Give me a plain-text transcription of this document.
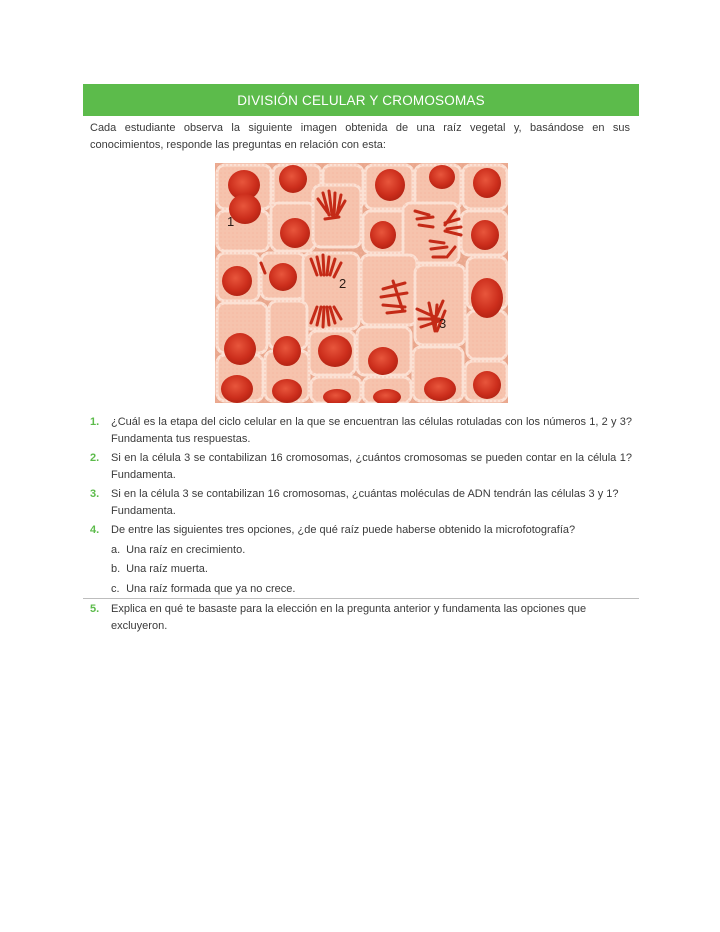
DIVISIÓN CELULAR Y CROMOSOMAS

Cada estudiante observa la siguiente imagen obtenida de una raíz vegetal y, basándose en sus conocimientos, responde las preguntas en relación con esta:

1
2
3
1.	¿Cuál es la etapa del ciclo celular en la que se encuentran las células rotuladas con los números 1, 2 y 3? Fundamenta tus respuestas.
2.	Si en la célula 3 se contabilizan 16 cromosomas, ¿cuántos cromosomas se pueden contar en la célula 1? Fundamenta.
3.	Si en la célula 3 se contabilizan 16 cromosomas, ¿cuántas moléculas de ADN tendrán las células 3 y 1? Fundamenta.
4.	De entre las siguientes tres opciones, ¿de qué raíz puede haberse obtenido la microfotografía?
a. Una raíz en crecimiento.
b. Una raíz muerta.
c. Una raíz formada que ya no crece.
5.	Explica en qué te basaste para la elección en la pregunta anterior y fundamenta las opciones que excluyeron.
